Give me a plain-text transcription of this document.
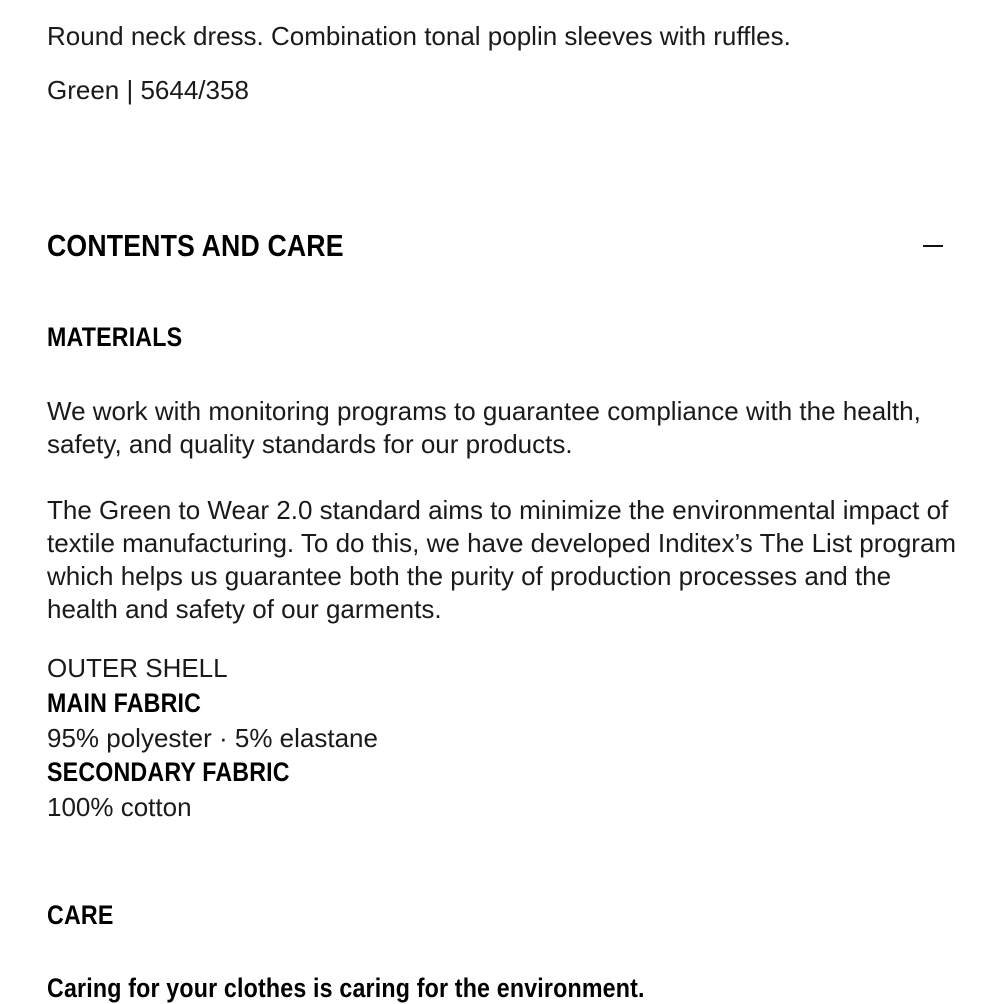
Round neck dress. Combination tonal poplin sleeves with ruffles.

Green | 5644/358

CONTENTS AND CARE

MATERIALS

We work with monitoring programs to guarantee compliance with the health, safety, and quality standards for our products.

The Green to Wear 2.0 standard aims to minimize the environmental impact of textile manufacturing. To do this, we have developed Inditex’s The List program which helps us guarantee both the purity of production processes and the health and safety of our garments.

OUTER SHELL

MAIN FABRIC

95% polyester · 5% elastane

SECONDARY FABRIC

100% cotton

CARE

Caring for your clothes is caring for the environment.
